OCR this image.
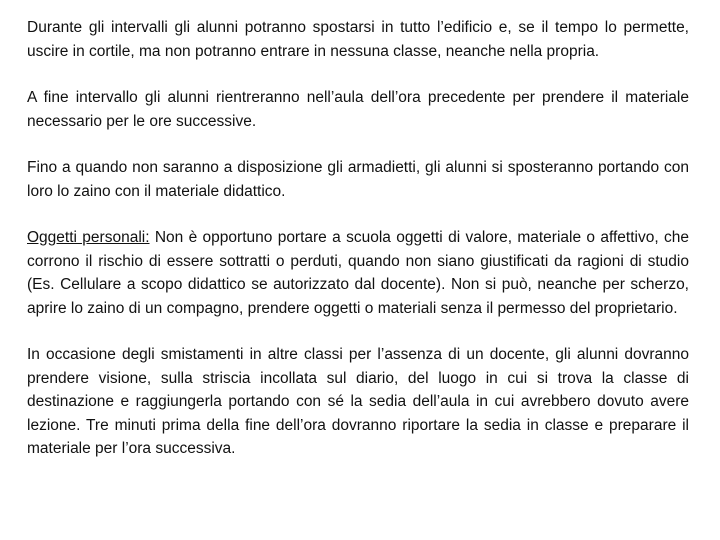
Durante gli intervalli gli alunni potranno spostarsi in tutto l’edificio e, se il tempo lo permette, uscire in cortile, ma non potranno entrare in nessuna classe, neanche nella propria.

A fine intervallo gli alunni rientreranno nell’aula dell’ora precedente per prendere il materiale necessario per le ore successive.

Fino a quando non saranno a disposizione gli armadietti, gli alunni si sposteranno portando con loro lo zaino con il materiale didattico.

Oggetti personali: Non è opportuno portare a scuola oggetti di valore, materiale o affettivo, che corrono il rischio di essere sottratti o perduti, quando non siano giustificati da ragioni di studio (Es. Cellulare a scopo didattico se autorizzato dal docente). Non si può, neanche per scherzo, aprire lo zaino di un compagno, prendere oggetti o materiali senza il permesso del proprietario.

In occasione degli smistamenti in altre classi per l’assenza di un docente, gli alunni dovranno prendere visione, sulla striscia incollata sul diario, del luogo in cui si trova la classe di destinazione e raggiungerla portando con sé la sedia dell’aula in cui avrebbero dovuto avere lezione. Tre minuti prima della fine dell’ora dovranno riportare la sedia in classe e preparare il materiale per l’ora successiva.
